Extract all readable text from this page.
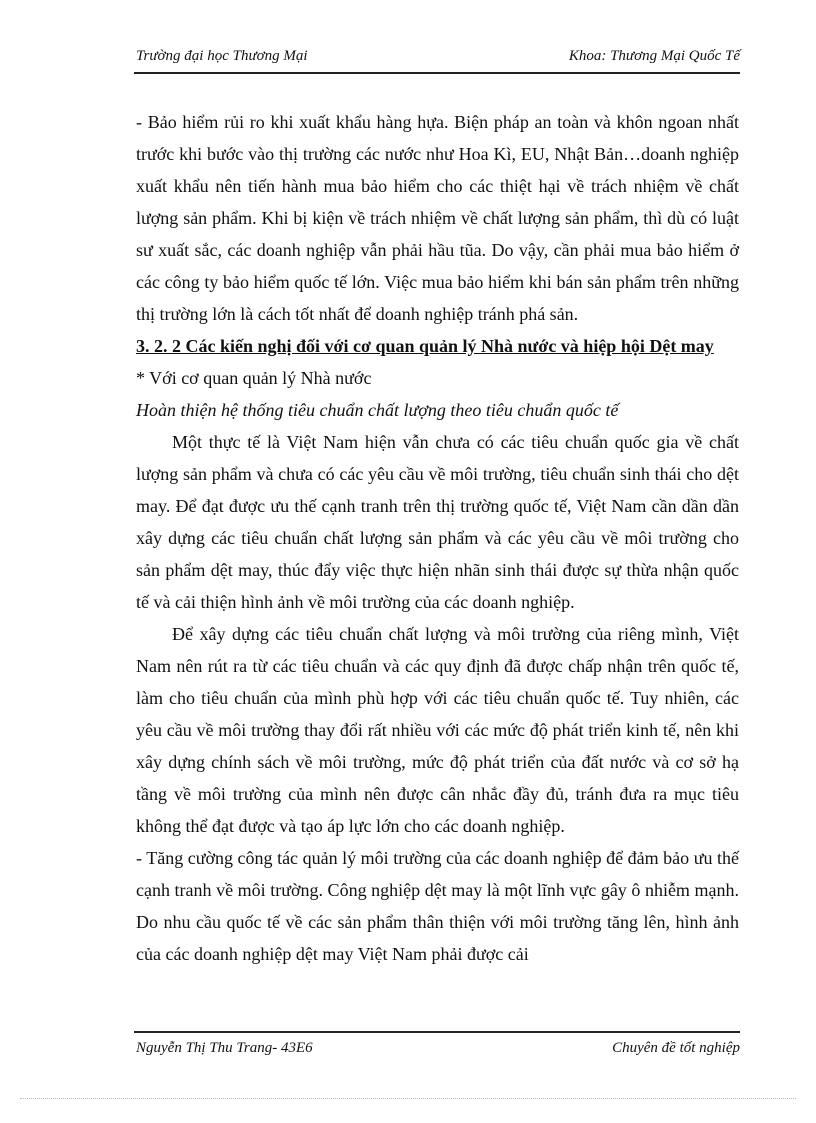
Trường đại học Thương Mại	Khoa: Thương Mại Quốc Tế

- Bảo hiểm rủi ro khi xuất khẩu hàng hựa. Biện pháp an toàn và khôn ngoan nhất trước khi bước vào thị trường các nước như Hoa Kì, EU, Nhật Bản…doanh nghiệp xuất khẩu nên tiến hành mua bảo hiểm cho các thiệt hại về trách nhiệm về chất lượng sản phẩm. Khi bị kiện về trách nhiệm về chất lượng sản phẩm, thì dù có luật sư xuất sắc, các doanh nghiệp vẫn phải hầu tũa. Do vậy, cần phải mua bảo hiểm ở các công ty bảo hiểm quốc tế lớn. Việc mua bảo hiểm khi bán sản phẩm trên những thị trường lớn là cách tốt nhất để doanh nghiệp tránh phá sản.

3. 2. 2 Các kiến nghị đối với cơ quan quản lý Nhà nước và hiệp hội Dệt may

* Với cơ quan quản lý Nhà nước

Hoàn thiện hệ thống tiêu chuẩn chất lượng theo tiêu chuẩn quốc tế

Một thực tế là Việt Nam hiện vẫn chưa có các tiêu chuẩn quốc gia về chất lượng sản phẩm và chưa có các yêu cầu về môi trường, tiêu chuẩn sinh thái cho dệt may. Để đạt được ưu thế cạnh tranh trên thị trường quốc tế, Việt Nam cần dần dần xây dựng các tiêu chuẩn chất lượng sản phẩm và các yêu cầu về môi trường cho sản phẩm dệt may, thúc đẩy việc thực hiện nhãn sinh thái được sự thừa nhận quốc tế và cải thiện hình ảnh về môi trường của các doanh nghiệp.

Để xây dựng các tiêu chuẩn chất lượng và môi trường của riêng mình, Việt Nam nên rút ra từ các tiêu chuẩn và các quy định đã được chấp nhận trên quốc tế, làm cho tiêu chuẩn của mình phù hợp với các tiêu chuẩn quốc tế. Tuy nhiên, các yêu cầu về môi trường thay đổi rất nhiều với các mức độ phát triển kinh tế, nên khi xây dựng chính sách về môi trường, mức độ phát triển của đất nước và cơ sở hạ tầng về môi trường của mình nên được cân nhắc đầy đủ, tránh đưa ra mục tiêu không thể đạt được và tạo áp lực lớn cho các doanh nghiệp.

- Tăng cường công tác quản lý môi trường của các doanh nghiệp để đảm bảo ưu thế cạnh tranh về môi trường. Công nghiệp dệt may là một lĩnh vực gây ô nhiễm mạnh. Do nhu cầu quốc tế về các sản phẩm thân thiện với môi trường tăng lên, hình ảnh của các doanh nghiệp dệt may Việt Nam phải được cải

Nguyễn Thị Thu Trang- 43E6	Chuyên đề tốt nghiệp
